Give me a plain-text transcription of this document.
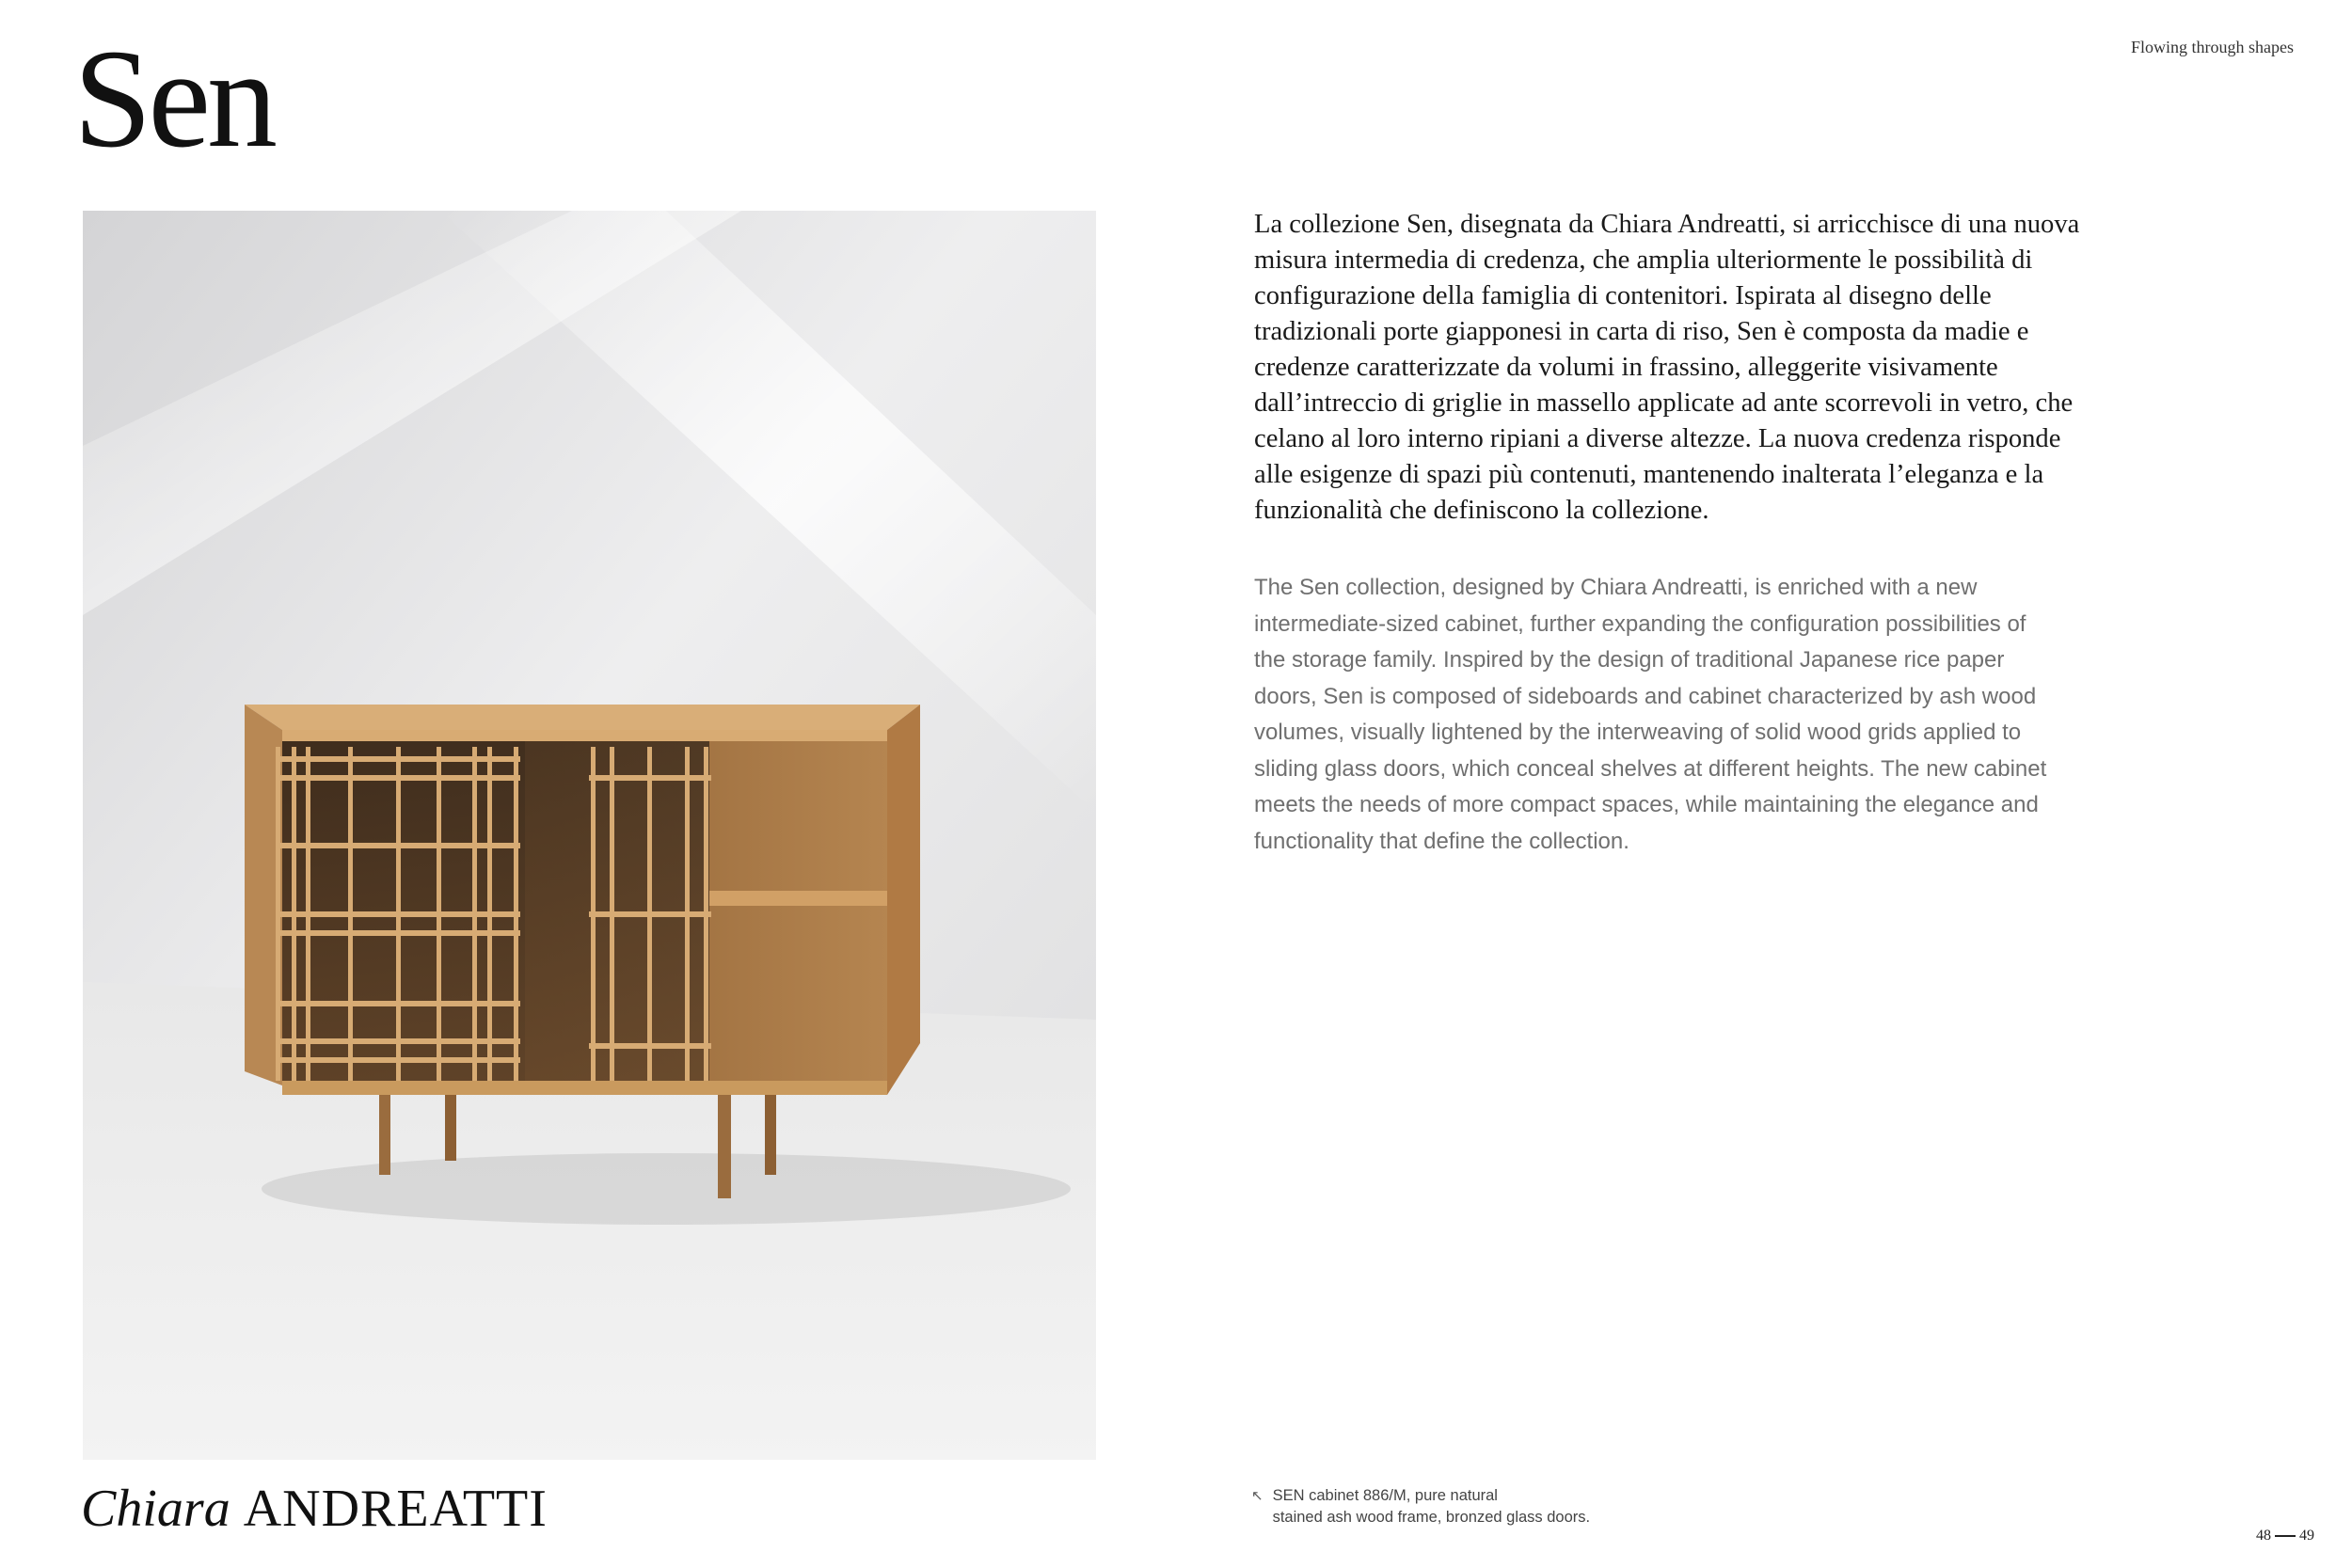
Sen	Flowing through shapes
Chiara ANDREATTI

La collezione Sen, disegnata da Chiara Andreatti, si arricchisce di una nuova misura intermedia di credenza, che amplia ulteriormente le possibilità di configurazione della famiglia di contenitori. Ispirata al disegno delle tradizionali porte giapponesi in carta di riso, Sen è composta da madie e credenze caratterizzate da volumi in frassino, alleggerite visivamente dall’intreccio di griglie in massello applicate ad ante scorrevoli in vetro, che celano al loro interno ripiani a diverse altezze. La nuova credenza risponde alle esigenze di spazi più contenuti, mantenendo inalterata l’eleganza e la funzionalità che definiscono la collezione.

The Sen collection, designed by Chiara Andreatti, is enriched with a new intermediate-sized cabinet, further expanding the configuration possibilities of the storage family. Inspired by the design of traditional Japanese rice paper doors, Sen is composed of sideboards and cabinet characterized by ash wood volumes, visually lightened by the interweaving of solid wood grids applied to sliding glass doors, which conceal shelves at different heights. The new cabinet meets the needs of more compact spaces, while maintaining the elegance and functionality that define the collection.

↖ SEN cabinet 886/M, pure natural
stained ash wood frame, bronzed glass doors.
48 49
